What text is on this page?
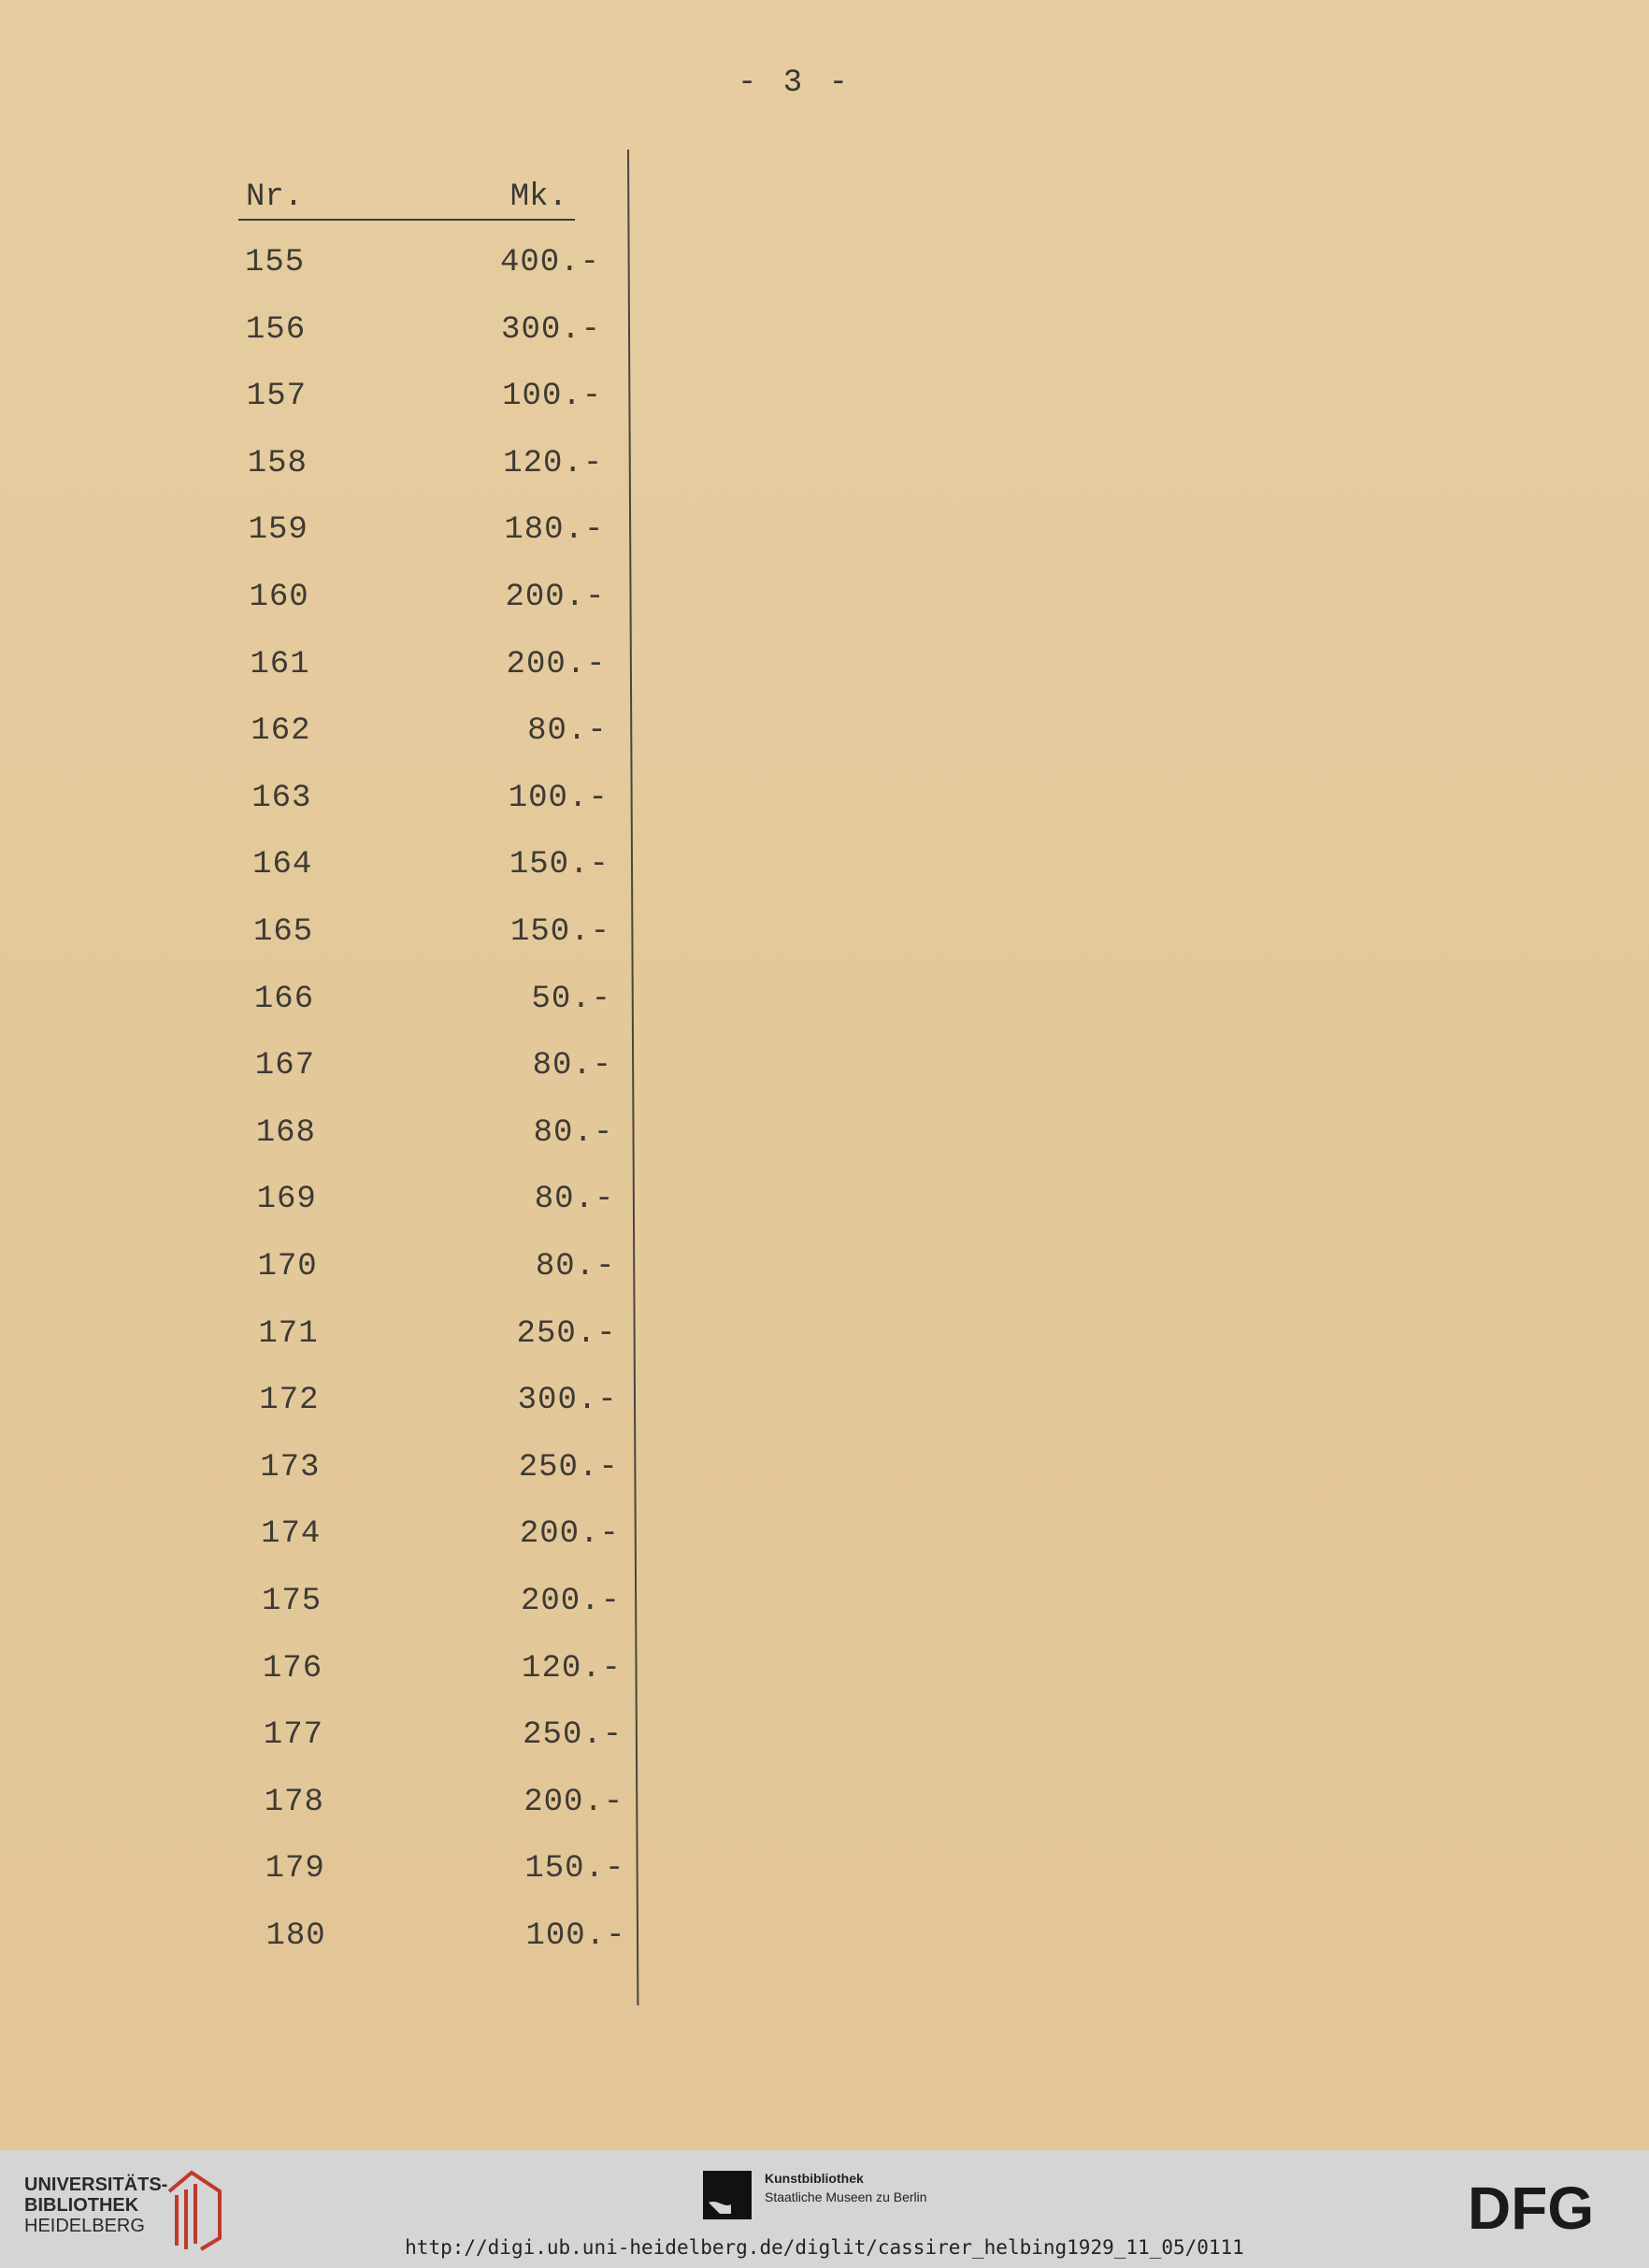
- 3 -
Nr.	Mk.
155	400.-
156	300.-
157	100.-
158	120.-
159	180.-
160	200.-
161	200.-
162	80.-
163	100.-
164	150.-
165	150.-
166	50.-
167	80.-
168	80.-
169	80.-
170	80.-
171	250.-
172	300.-
173	250.-
174	200.-
175	200.-
176	120.-
177	250.-
178	200.-
179	150.-
180	100.-
UNIVERSITÄTS-
BIBLIOTHEK
HEIDELBERG
Kunstbibliothek
Staatliche Museen zu Berlin	DFG
http://digi.ub.uni-heidelberg.de/diglit/cassirer_helbing1929_11_05/0111
